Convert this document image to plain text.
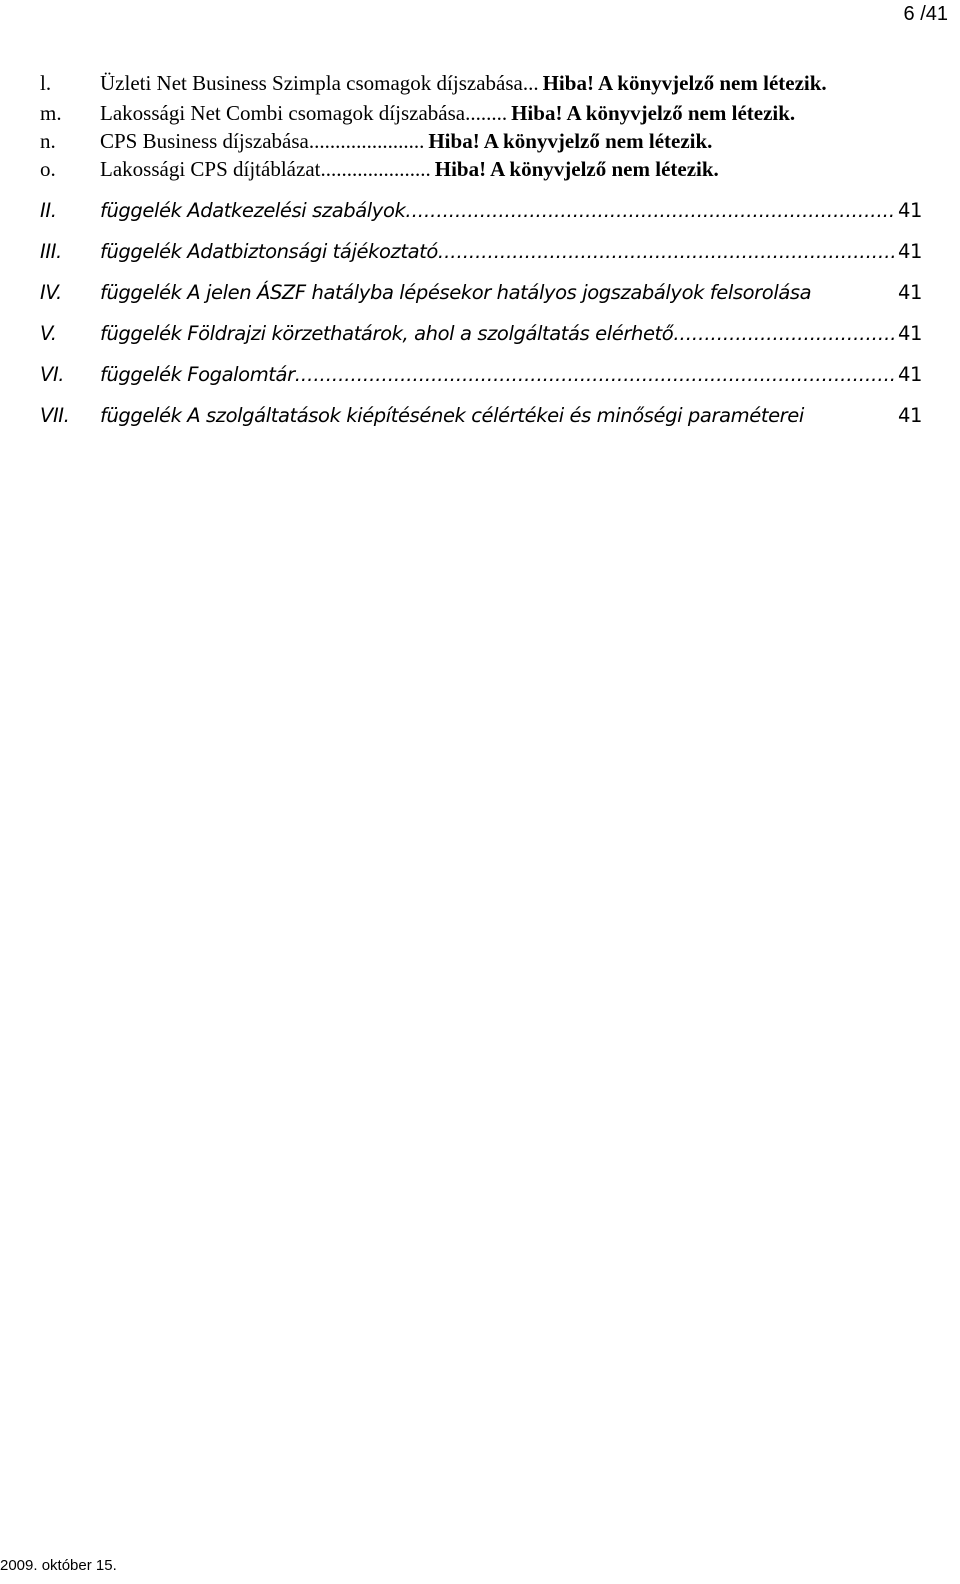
6 /41
l.	Üzleti Net Business Szimpla csomagok díjszabása ... Hiba! A könyvjelző nem létezik.
m.	Lakossági Net Combi csomagok díjszabása ........ Hiba! A könyvjelző nem létezik.
n.	CPS Business díjszabása ...................... Hiba! A könyvjelző nem létezik.
o.	Lakossági CPS díjtáblázat ..................... Hiba! A könyvjelző nem létezik.
II.	függelék Adatkezelési szabályok .....	41
III.	függelék Adatbiztonsági tájékoztató .....	41
IV.	függelék A jelen ÁSZF hatályba lépésekor hatályos jogszabályok felsorolása	41
V.	függelék Földrajzi körzethatárok, ahol a szolgáltatás elérhető .....	41
VI.	függelék Fogalomtár .....	41
VII.	függelék A szolgáltatások kiépítésének célértékei és minőségi paraméterei	41
2009. október 15.
